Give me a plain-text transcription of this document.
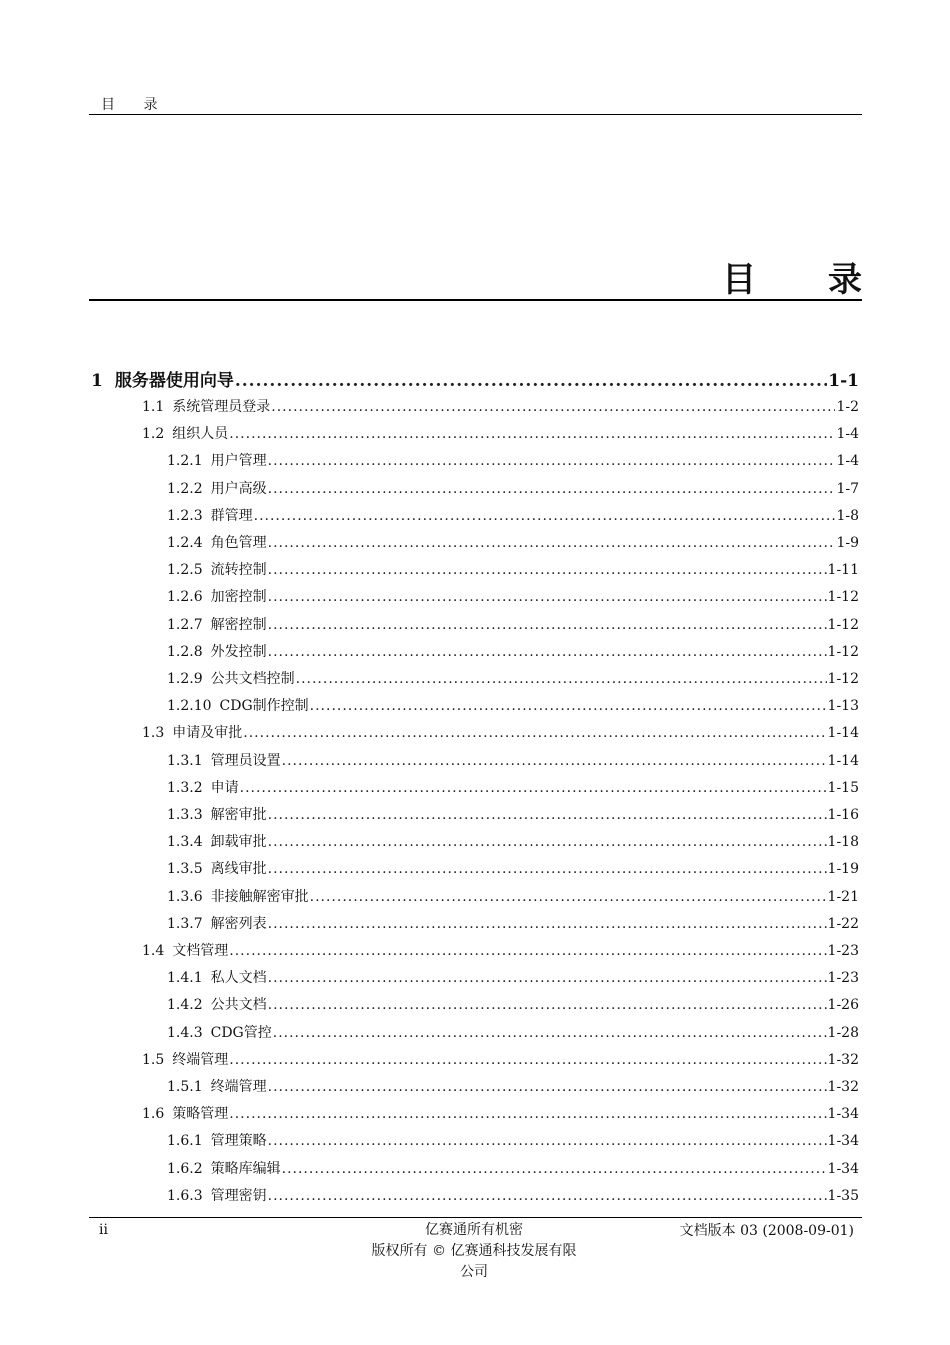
目 录
目 录
1 服务器使用向导 .....	1-1
1.1 系统管理员登录 .....	1-2
1.2 组织人员 .....	1-4
1.2.1 用户管理 .....	1-4
1.2.2 用户高级 .....	1-7
1.2.3 群管理 .....	1-8
1.2.4 角色管理 .....	1-9
1.2.5 流转控制 .....	1-11
1.2.6 加密控制 .....	1-12
1.2.7 解密控制 .....	1-12
1.2.8 外发控制 .....	1-12
1.2.9 公共文档控制 .....	1-12
1.2.10 CDG制作控制 .....	1-13
1.3 申请及审批 .....	1-14
1.3.1 管理员设置 .....	1-14
1.3.2 申请 .....	1-15
1.3.3 解密审批 .....	1-16
1.3.4 卸载审批 .....	1-18
1.3.5 离线审批 .....	1-19
1.3.6 非接触解密审批 .....	1-21
1.3.7 解密列表 .....	1-22
1.4 文档管理 .....	1-23
1.4.1 私人文档 .....	1-23
1.4.2 公共文档 .....	1-26
1.4.3 CDG管控 .....	1-28
1.5 终端管理 .....	1-32
1.5.1 终端管理 .....	1-32
1.6 策略管理 .....	1-34
1.6.1 管理策略 .....	1-34
1.6.2 策略库编辑 .....	1-34
1.6.3 管理密钥 .....	1-35
ii	亿赛通所有机密
版权所有 © 亿赛通科技发展有限
公司
文档版本 03 (2008-09-01)
